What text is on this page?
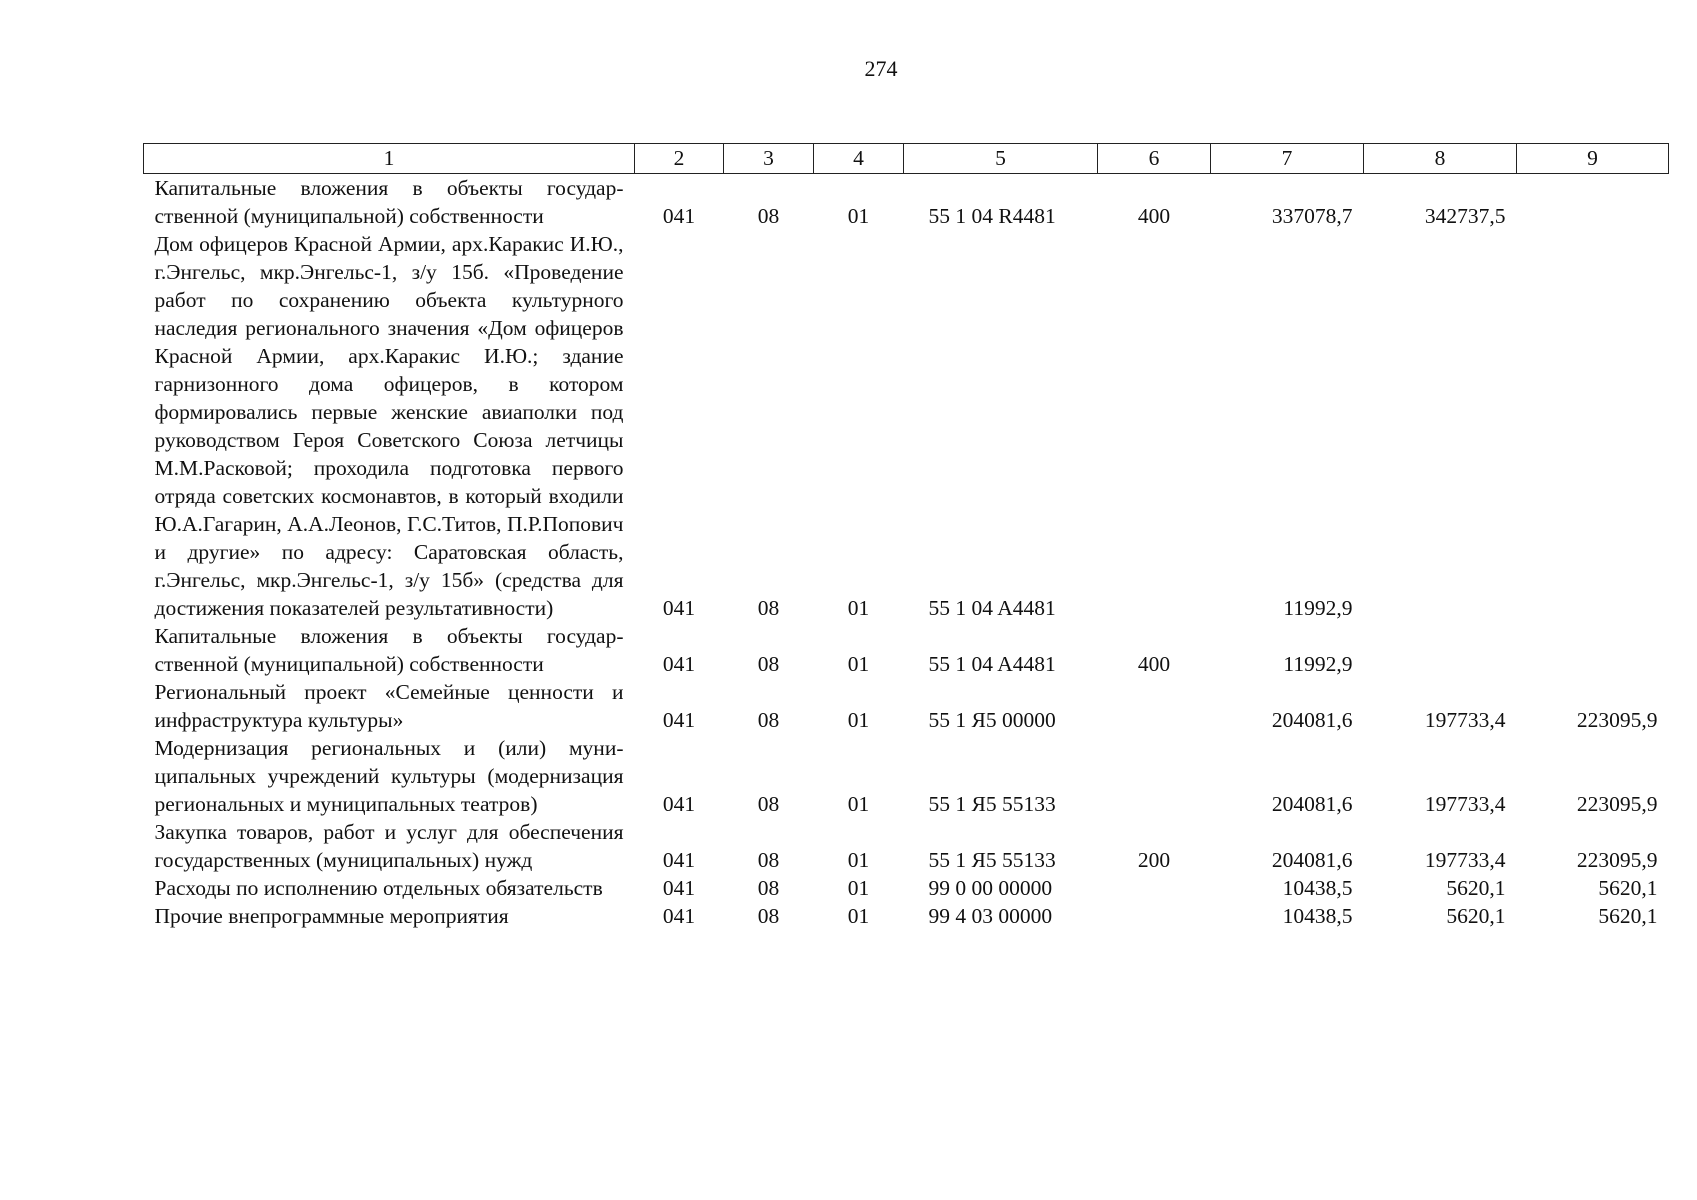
274
1	2	3	4	5	6	7	8	9
Капитальные вложения в объекты государственной (муниципальной) собственности	041	08	01	55 1 04 R4481	400	337078,7	342737,5	
Дом офицеров Красной Армии, арх.Каракис И.Ю., г.Энгельс, мкр.Энгельс-1, з/у 15б. «Проведение работ по сохранению объекта культурного наследия регионального значения «Дом офицеров Красной Армии, арх.Каракис И.Ю.; здание гарнизонного дома офицеров, в котором формировались первые женские авиаполки под руководством Героя Советского Союза летчицы М.М.Расковой; проходила подготовка первого отряда советских космонавтов, в который входили Ю.А.Гагарин, А.А.Леонов, Г.С.Титов, П.Р.Попович и другие» по адресу: Саратовская область, г.Энгельс, мкр.Энгельс-1, з/у 15б» (средства для достижения показателей результативности)	041	08	01	55 1 04 A4481		11992,9		
Капитальные вложения в объекты государственной (муниципальной) собственности	041	08	01	55 1 04 A4481	400	11992,9		
Региональный проект «Семейные ценности и инфраструктура культуры»	041	08	01	55 1 Я5 00000		204081,6	197733,4	223095,9
Модернизация региональных и (или) муниципальных учреждений культуры (модернизация региональных и муниципальных театров)	041	08	01	55 1 Я5 55133		204081,6	197733,4	223095,9
Закупка товаров, работ и услуг для обеспечения государственных (муниципальных) нужд	041	08	01	55 1 Я5 55133	200	204081,6	197733,4	223095,9
Расходы по исполнению отдельных обязательств	041	08	01	99 0 00 00000		10438,5	5620,1	5620,1
Прочие внепрограммные мероприятия	041	08	01	99 4 03 00000		10438,5	5620,1	5620,1
